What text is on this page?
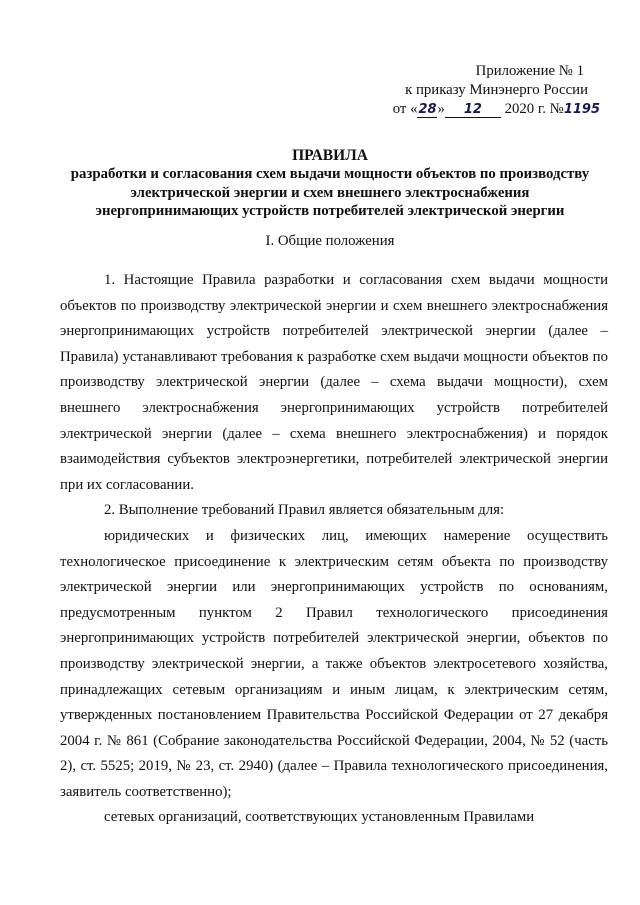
Приложение № 1
к приказу Минэнерго России
от «28» 12 2020 г. №1195
ПРАВИЛА
разработки и согласования схем выдачи мощности объектов по производству
электрической энергии и схем внешнего электроснабжения
энергопринимающих устройств потребителей электрической энергии
I. Общие положения

1. Настоящие Правила разработки и согласования схем выдачи мощности объектов по производству электрической энергии и схем внешнего электроснабжения энергопринимающих устройств потребителей электрической энергии (далее – Правила) устанавливают требования к разработке схем выдачи мощности объектов по производству электрической энергии (далее – схема выдачи мощности), схем внешнего электроснабжения энергопринимающих устройств потребителей электрической энергии (далее – схема внешнего электроснабжения) и порядок взаимодействия субъектов электроэнергетики, потребителей электрической энергии при их согласовании.

2. Выполнение требований Правил является обязательным для:

юридических и физических лиц, имеющих намерение осуществить технологическое присоединение к электрическим сетям объекта по производству электрической энергии или энергопринимающих устройств по основаниям, предусмотренным пунктом 2 Правил технологического присоединения энергопринимающих устройств потребителей электрической энергии, объектов по производству электрической энергии, а также объектов электросетевого хозяйства, принадлежащих сетевым организациям и иным лицам, к электрическим сетям, утвержденных постановлением Правительства Российской Федерации от 27 декабря 2004 г. № 861 (Собрание законодательства Российской Федерации, 2004, № 52 (часть 2), ст. 5525; 2019, № 23, ст. 2940) (далее – Правила технологического присоединения, заявитель соответственно);

сетевых организаций, соответствующих установленным Правилами
